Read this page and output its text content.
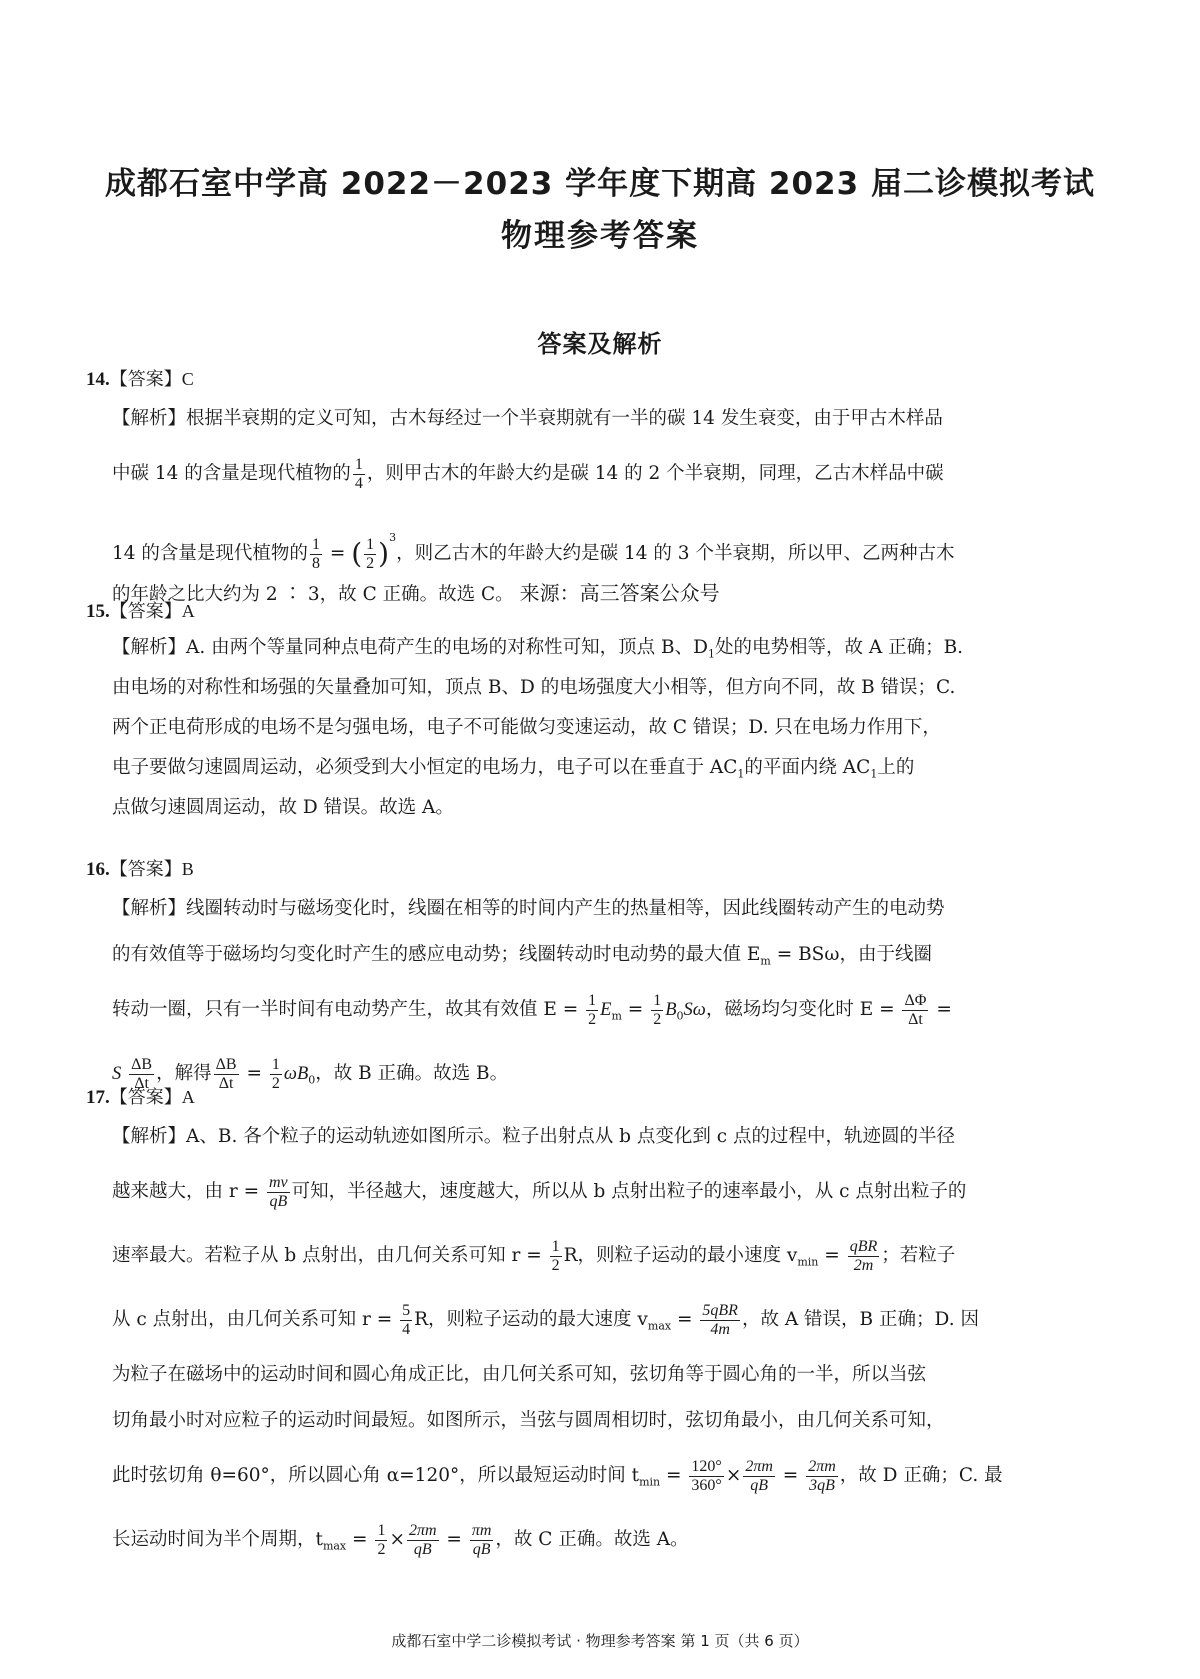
成都石室中学高 2022－2023 学年度下期高 2023 届二诊模拟考试
物理参考答案
答案及解析
14.【答案】C
【解析】根据半衰期的定义可知，古木每经过一个半衰期就有一半的碳 14 发生衰变，由于甲古木样品
中碳 14 的含量是现代植物的 $\frac{1}{4}$ ，则甲古木的年龄大约是碳 14 的 2 个半衰期，同理，乙古木样品中碳
14 的含量是现代植物的 $\frac{1}{8}$ = ( $\frac{1}{2} )^3$，则乙古木的年龄大约是碳 14 的 3 个半衰期，所以甲、乙两种古木
的年龄之比大约为 2 ∶ 3，故 C 正确。故选 C。 来源：高三答案公众号
15.【答案】A
【解析】A. 由两个等量同种点电荷产生的电场的对称性可知，顶点 B、$D_1$处的电势相等，故 A 正确；B.
由电场的对称性和场强的矢量叠加可知，顶点 B、D 的电场强度大小相等，但方向不同，故 B 错误；C.
两个正电荷形成的电场不是匀强电场，电子不可能做匀变速运动，故 C 错误；D. 只在电场力作用下，
电子要做匀速圆周运动，必须受到大小恒定的电场力，电子可以在垂直于 $AC_1$的平面内绕 $AC_1$上的
点做匀速圆周运动，故 D 错误。故选 A。
16.【答案】B
【解析】线圈转动时与磁场变化时，线圈在相等的时间内产生的热量相等，因此线圈转动产生的电动势
的有效值等于磁场均匀变化时产生的感应电动势；线圈转动时电动势的最大值 $E_m = BS\omega$，由于线圈
转动一圈，只有一半时间有电动势产生，故其有效值 $E = \frac{1}{2} E_m = \frac{1}{2} B_0S\omega$，磁场均匀变化时 $E = \frac{\Delta\Phi}{\Delta t}$ =
S $\frac{\Delta B}{\Delta t}$ ，解得 $\frac{\Delta B}{\Delta t} = \frac{1}{2} \omega B_0$，故 B 正确。故选 B。
17.【答案】A
【解析】A、B. 各个粒子的运动轨迹如图所示。粒子出射点从 b 点变化到 c 点的过程中，轨迹圆的半径
越来越大，由 $r = \frac{mv}{qB}$ 可知，半径越大，速度越大，所以从 b 点射出粒子的速率最小，从 c 点射出粒子的
速率最大。若粒子从 b 点射出，由几何关系可知 $r = \frac{1}{2}$ R，则粒子运动的最小速度 $v_{min} = \frac{\text{qBR}}{2m}$ ；若粒子
从 c 点射出，由几何关系可知 $r = \frac{5}{4}$ R，则粒子运动的最大速度 $v_{max} = \frac{\text{5qBR}}{4m}$ ，故 A 错误，B 正确；D. 因
为粒子在磁场中的运动时间和圆心角成正比，由几何关系可知，弦切角等于圆心角的一半，所以当弦
切角最小时对应粒子的运动时间最短。如图所示，当弦与圆周相切时，弦切角最小，由几何关系可知，
此时弦切角 θ=60°，所以圆心角 α=120°，所以最短运动时间 $t_{min} = \frac{120^\circ}{360^\circ} \times \frac{2\pi m}{qB} = \frac{2\pi m}{3qB}$ ，故 D 正确；C. 最
长运动时间为半个周期，$t_{max} = \frac{1}{2} \times \frac{2\pi m}{qB} = \frac{\pi m}{qB}$ ，故 C 正确。故选 A。
成都石室中学二诊模拟考试 · 物理参考答案 第 1 页（共 6 页）
